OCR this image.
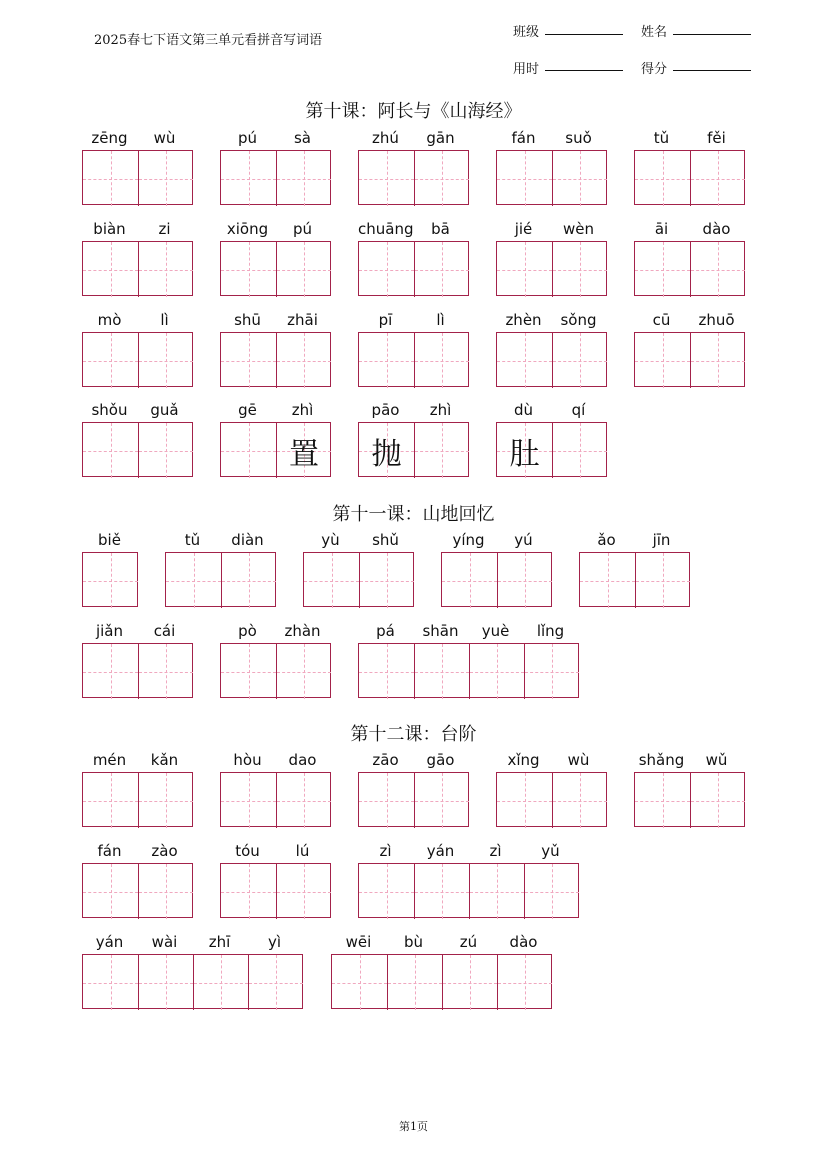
2025春七下语文第三单元看拼音写词语
班级	姓名
用时	得分
第十课：阿长与《山海经》
zēng	wù	pú	sà	zhú	gān	fán	suǒ	tǔ	fěi
biàn	zi	xiōng	pú	chuāng	bā	jié	wèn	āi	dào
mò	lì	shū	zhāi	pī	lì	zhèn	sǒng	cū	zhuō
shǒu	guǎ	gē	zhì
置
pāo	zhì
抛
dù	qí
肚
第十一课：山地回忆
biě	tǔ	diàn	yù	shǔ	yíng	yú	ǎo	jīn
jiǎn	cái	pò	zhàn	pá	shān	yuè	lǐng
第十二课：台阶
mén	kǎn	hòu	dao	zāo	gāo	xǐng	wù	shǎng	wǔ
fán	zào	tóu	lú	zì	yán	zì	yǔ
yán	wài	zhī	yì	wēi	bù	zú	dào
第1页
